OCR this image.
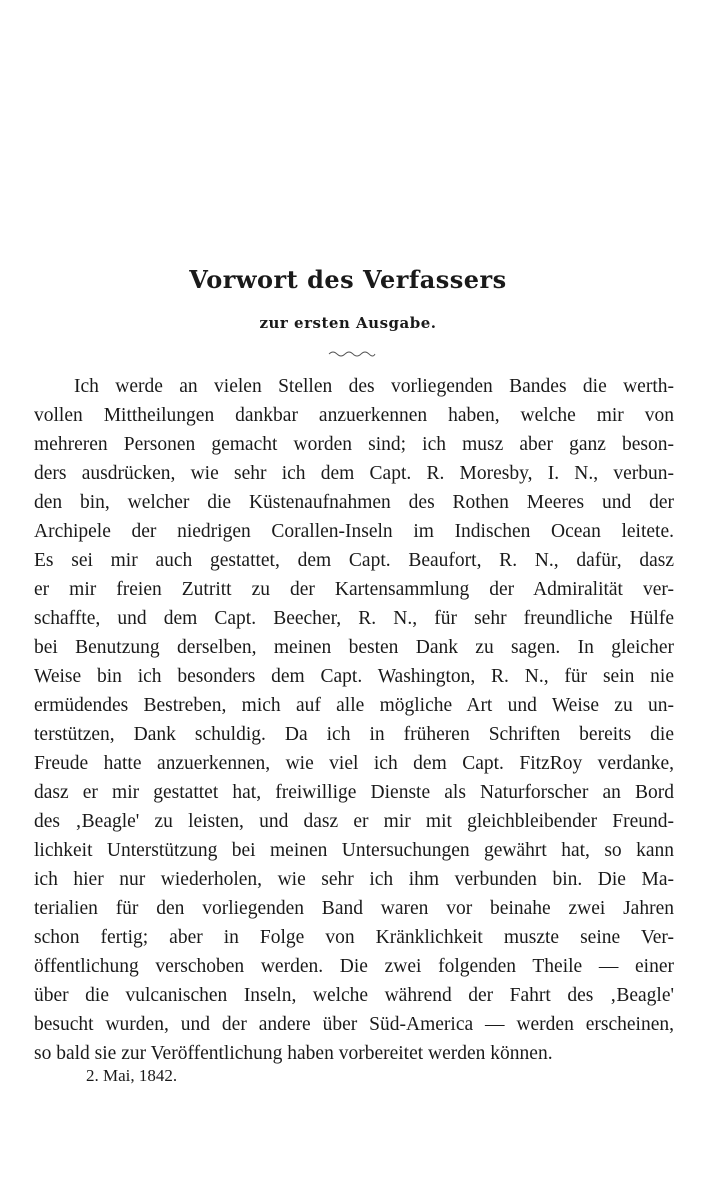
Vorwort des Verfassers
zur ersten Ausgabe.
Ich werde an vielen Stellen des vorliegenden Bandes die werth-
vollen Mittheilungen dankbar anzuerkennen haben, welche mir von
mehreren Personen gemacht worden sind; ich musz aber ganz beson-
ders ausdrücken, wie sehr ich dem Capt. R. Moresby, I. N., verbun-
den bin, welcher die Küstenaufnahmen des Rothen Meeres und der
Archipele der niedrigen Corallen-Inseln im Indischen Ocean leitete.
Es sei mir auch gestattet, dem Capt. Beaufort, R. N., dafür, dasz
er mir freien Zutritt zu der Kartensammlung der Admiralität ver-
schaffte, und dem Capt. Beecher, R. N., für sehr freundliche Hülfe
bei Benutzung derselben, meinen besten Dank zu sagen. In gleicher
Weise bin ich besonders dem Capt. Washington, R. N., für sein nie
ermüdendes Bestreben, mich auf alle mögliche Art und Weise zu un-
terstützen, Dank schuldig. Da ich in früheren Schriften bereits die
Freude hatte anzuerkennen, wie viel ich dem Capt. FitzRoy verdanke,
dasz er mir gestattet hat, freiwillige Dienste als Naturforscher an Bord
des ‚Beagle' zu leisten, und dasz er mir mit gleichbleibender Freund-
lichkeit Unterstützung bei meinen Untersuchungen gewährt hat, so kann
ich hier nur wiederholen, wie sehr ich ihm verbunden bin. Die Ma-
terialien für den vorliegenden Band waren vor beinahe zwei Jahren
schon fertig; aber in Folge von Kränklichkeit muszte seine Ver-
öffentlichung verschoben werden. Die zwei folgenden Theile — einer
über die vulcanischen Inseln, welche während der Fahrt des ‚Beagle'
besucht wurden, und der andere über Süd-America — werden erscheinen,
so bald sie zur Veröffentlichung haben vorbereitet werden können.
2. Mai, 1842.
